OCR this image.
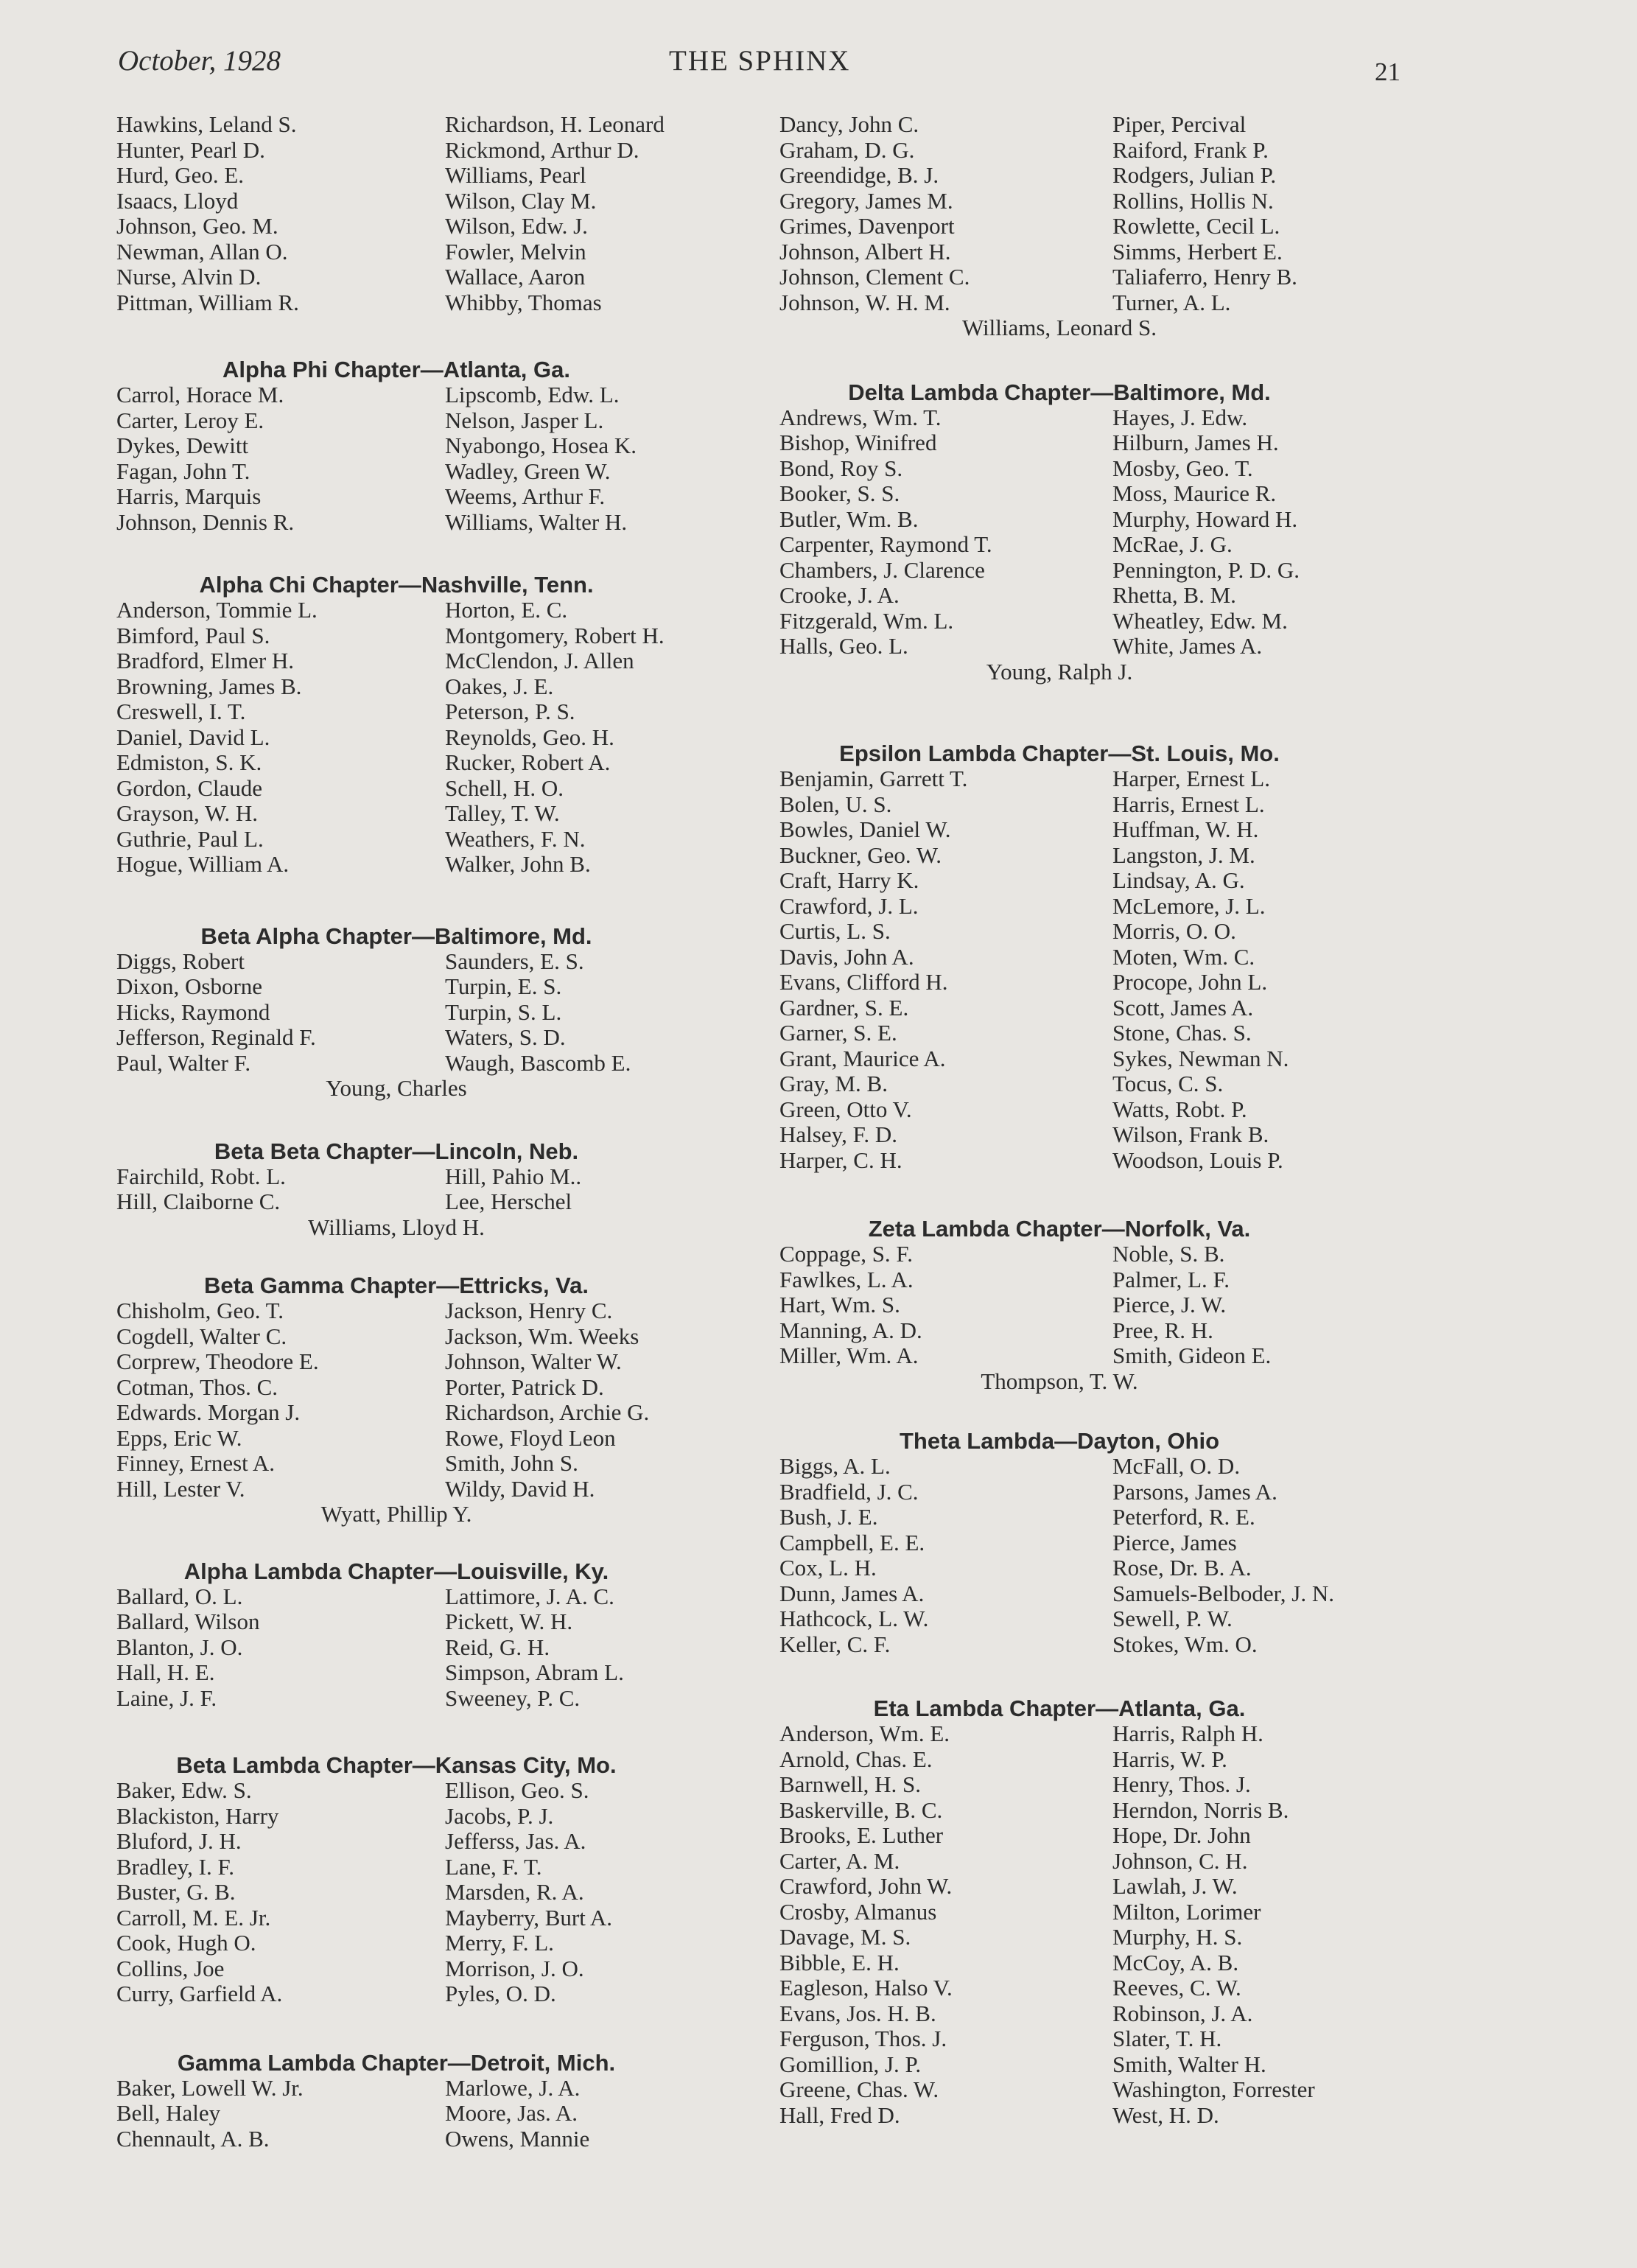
October, 1928	THE SPHINX	21
Hawkins, Leland S.
Hunter, Pearl D.
Hurd, Geo. E.
Isaacs, Lloyd
Johnson, Geo. M.
Newman, Allan O.
Nurse, Alvin D.
Pittman, William R.
Richardson, H. Leonard
Rickmond, Arthur D.
Williams, Pearl
Wilson, Clay M.
Wilson, Edw. J.
Fowler, Melvin
Wallace, Aaron
Whibby, Thomas
Alpha Phi Chapter—Atlanta, Ga.
Carrol, Horace M.
Carter, Leroy E.
Dykes, Dewitt
Fagan, John T.
Harris, Marquis
Johnson, Dennis R.
Lipscomb, Edw. L.
Nelson, Jasper L.
Nyabongo, Hosea K.
Wadley, Green W.
Weems, Arthur F.
Williams, Walter H.
Alpha Chi Chapter—Nashville, Tenn.
Anderson, Tommie L.
Bimford, Paul S.
Bradford, Elmer H.
Browning, James B.
Creswell, I. T.
Daniel, David L.
Edmiston, S. K.
Gordon, Claude
Grayson, W. H.
Guthrie, Paul L.
Hogue, William A.
Horton, E. C.
Montgomery, Robert H.
McClendon, J. Allen
Oakes, J. E.
Peterson, P. S.
Reynolds, Geo. H.
Rucker, Robert A.
Schell, H. O.
Talley, T. W.
Weathers, F. N.
Walker, John B.
Beta Alpha Chapter—Baltimore, Md.
Diggs, Robert
Dixon, Osborne
Hicks, Raymond
Jefferson, Reginald F.
Paul, Walter F.
Saunders, E. S.
Turpin, E. S.
Turpin, S. L.
Waters, S. D.
Waugh, Bascomb E.
Young, Charles
Beta Beta Chapter—Lincoln, Neb.
Fairchild, Robt. L.
Hill, Claiborne C.
Hill, Pahio M..
Lee, Herschel
Williams, Lloyd H.
Beta Gamma Chapter—Ettricks, Va.
Chisholm, Geo. T.
Cogdell, Walter C.
Corprew, Theodore E.
Cotman, Thos. C.
Edwards. Morgan J.
Epps, Eric W.
Finney, Ernest A.
Hill, Lester V.
Jackson, Henry C.
Jackson, Wm. Weeks
Johnson, Walter W.
Porter, Patrick D.
Richardson, Archie G.
Rowe, Floyd Leon
Smith, John S.
Wildy, David H.
Wyatt, Phillip Y.
Alpha Lambda Chapter—Louisville, Ky.
Ballard, O. L.
Ballard, Wilson
Blanton, J. O.
Hall, H. E.
Laine, J. F.
Lattimore, J. A. C.
Pickett, W. H.
Reid, G. H.
Simpson, Abram L.
Sweeney, P. C.
Beta Lambda Chapter—Kansas City, Mo.
Baker, Edw. S.
Blackiston, Harry
Bluford, J. H.
Bradley, I. F.
Buster, G. B.
Carroll, M. E. Jr.
Cook, Hugh O.
Collins, Joe
Curry, Garfield A.
Ellison, Geo. S.
Jacobs, P. J.
Jefferss, Jas. A.
Lane, F. T.
Marsden, R. A.
Mayberry, Burt A.
Merry, F. L.
Morrison, J. O.
Pyles, O. D.
Gamma Lambda Chapter—Detroit, Mich.
Baker, Lowell W. Jr.
Bell, Haley
Chennault, A. B.
Marlowe, J. A.
Moore, Jas. A.
Owens, Mannie
Dancy, John C.
Graham, D. G.
Greendidge, B. J.
Gregory, James M.
Grimes, Davenport
Johnson, Albert H.
Johnson, Clement C.
Johnson, W. H. M.
Piper, Percival
Raiford, Frank P.
Rodgers, Julian P.
Rollins, Hollis N.
Rowlette, Cecil L.
Simms, Herbert E.
Taliaferro, Henry B.
Turner, A. L.
Williams, Leonard S.
Delta Lambda Chapter—Baltimore, Md.
Andrews, Wm. T.
Bishop, Winifred
Bond, Roy S.
Booker, S. S.
Butler, Wm. B.
Carpenter, Raymond T.
Chambers, J. Clarence
Crooke, J. A.
Fitzgerald, Wm. L.
Halls, Geo. L.
Hayes, J. Edw.
Hilburn, James H.
Mosby, Geo. T.
Moss, Maurice R.
Murphy, Howard H.
McRae, J. G.
Pennington, P. D. G.
Rhetta, B. M.
Wheatley, Edw. M.
White, James A.
Young, Ralph J.
Epsilon Lambda Chapter—St. Louis, Mo.
Benjamin, Garrett T.
Bolen, U. S.
Bowles, Daniel W.
Buckner, Geo. W.
Craft, Harry K.
Crawford, J. L.
Curtis, L. S.
Davis, John A.
Evans, Clifford H.
Gardner, S. E.
Garner, S. E.
Grant, Maurice A.
Gray, M. B.
Green, Otto V.
Halsey, F. D.
Harper, C. H.
Harper, Ernest L.
Harris, Ernest L.
Huffman, W. H.
Langston, J. M.
Lindsay, A. G.
McLemore, J. L.
Morris, O. O.
Moten, Wm. C.
Procope, John L.
Scott, James A.
Stone, Chas. S.
Sykes, Newman N.
Tocus, C. S.
Watts, Robt. P.
Wilson, Frank B.
Woodson, Louis P.
Zeta Lambda Chapter—Norfolk, Va.
Coppage, S. F.
Fawlkes, L. A.
Hart, Wm. S.
Manning, A. D.
Miller, Wm. A.
Noble, S. B.
Palmer, L. F.
Pierce, J. W.
Pree, R. H.
Smith, Gideon E.
Thompson, T. W.
Theta Lambda—Dayton, Ohio
Biggs, A. L.
Bradfield, J. C.
Bush, J. E.
Campbell, E. E.
Cox, L. H.
Dunn, James A.
Hathcock, L. W.
Keller, C. F.
McFall, O. D.
Parsons, James A.
Peterford, R. E.
Pierce, James
Rose, Dr. B. A.
Samuels-Belboder, J. N.
Sewell, P. W.
Stokes, Wm. O.
Eta Lambda Chapter—Atlanta, Ga.
Anderson, Wm. E.
Arnold, Chas. E.
Barnwell, H. S.
Baskerville, B. C.
Brooks, E. Luther
Carter, A. M.
Crawford, John W.
Crosby, Almanus
Davage, M. S.
Bibble, E. H.
Eagleson, Halso V.
Evans, Jos. H. B.
Ferguson, Thos. J.
Gomillion, J. P.
Greene, Chas. W.
Hall, Fred D.
Harris, Ralph H.
Harris, W. P.
Henry, Thos. J.
Herndon, Norris B.
Hope, Dr. John
Johnson, C. H.
Lawlah, J. W.
Milton, Lorimer
Murphy, H. S.
McCoy, A. B.
Reeves, C. W.
Robinson, J. A.
Slater, T. H.
Smith, Walter H.
Washington, Forrester
West, H. D.
